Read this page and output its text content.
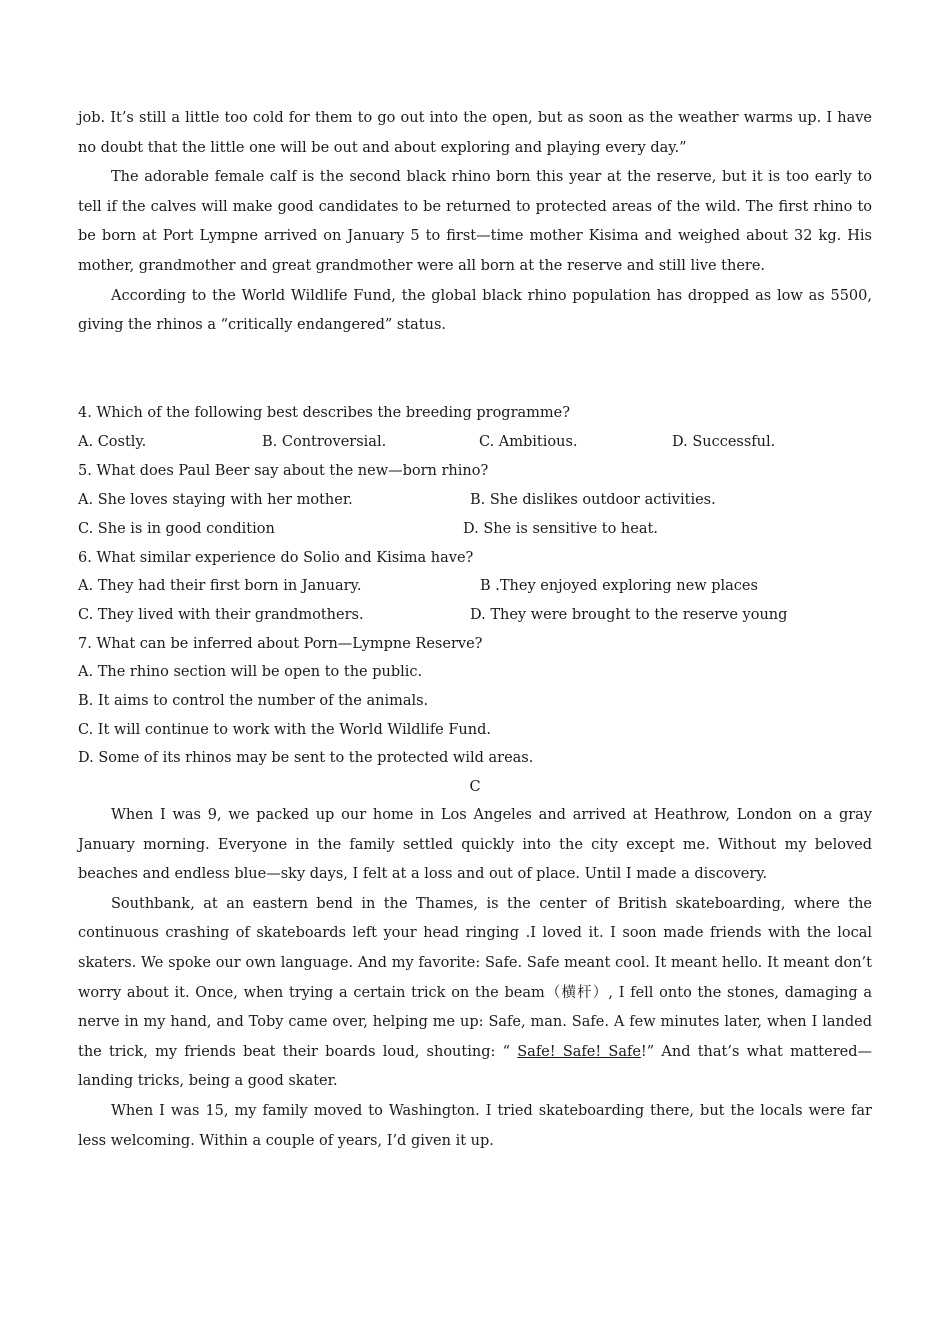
job. It’s still a little too cold for them to go out into the open, but as soon as the weather warms up. I have no doubt that the little one will be out and about exploring and playing every day.”

The adorable female calf is the second black rhino born this year at the reserve, but it is too early to tell if the calves will make good candidates to be returned to protected areas of the wild. The first rhino to be born at Port Lympne arrived on January 5 to first—time mother Kisima and weighed about 32 kg. His mother, grandmother and great grandmother were all born at the reserve and still live there.

According to the World Wildlife Fund, the global black rhino population has dropped as low as 5500, giving the rhinos a “critically endangered” status.

4. Which of the following best describes the breeding programme?
A. Costly.	B. Controversial.	C. Ambitious.	D. Successful.
5. What does Paul Beer say about the new—born rhino?
A. She loves staying with her mother.	B. She dislikes outdoor activities.
C. She is in good condition	D. She is sensitive to heat.
6. What similar experience do Solio and Kisima have?
A. They had their first born in January.	B .They enjoyed exploring new places
C. They lived with their grandmothers.	D. They were brought to the reserve young
7. What can be inferred about Porn—Lympne Reserve?
A. The rhino section will be open to the public.
B. It aims to control the number of the animals.
C. It will continue to work with the World Wildlife Fund.
D. Some of its rhinos may be sent to the protected wild areas.
C

When I was 9, we packed up our home in Los Angeles and arrived at Heathrow, London on a gray January morning. Everyone in the family settled quickly into the city except me. Without my beloved beaches and endless blue—sky days, I felt at a loss and out of place. Until I made a discovery.

Southbank, at an eastern bend in the Thames, is the center of British skateboarding, where the continuous crashing of skateboards left your head ringing .I loved it. I soon made friends with the local skaters. We spoke our own language. And my favorite: Safe. Safe meant cool. It meant hello. It meant don’t worry about it. Once, when trying a certain trick on the beam（横杆）, I fell onto the stones, damaging a nerve in my hand, and Toby came over, helping me up: Safe, man. Safe. A few minutes later, when I landed the trick, my friends beat their boards loud, shouting: “ Safe! Safe! Safe!” And that’s what mattered—landing tricks, being a good skater.

When I was 15, my family moved to Washington. I tried skateboarding there, but the locals were far less welcoming. Within a couple of years, I’d given it up.
